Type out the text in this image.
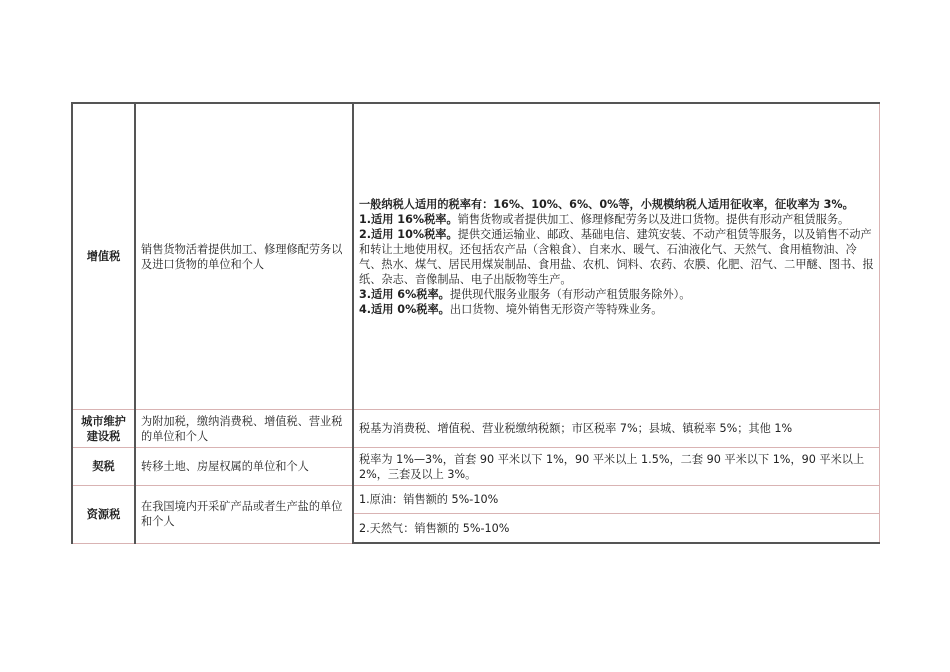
增值税	销售货物活着提供加工、修理修配劳务以及进口货物的单位和个人	一般纳税人适用的税率有：16%、10%、6%、0%等，小规模纳税人适用征收率，征收率为 3%。
1.适用 16%税率。销售货物或者提供加工、修理修配劳务以及进口货物。提供有形动产租赁服务。
2.适用 10%税率。提供交通运输业、邮政、基础电信、建筑安装、不动产租赁等服务，以及销售不动产和转让土地使用权。还包括农产品（含粮食）、自来水、暖气、石油液化气、天然气、食用植物油、冷气、热水、煤气、居民用煤炭制品、食用盐、农机、饲料、农药、农膜、化肥、沼气、二甲醚、图书、报纸、杂志、音像制品、电子出版物等生产。
3.适用 6%税率。提供现代服务业服务（有形动产租赁服务除外）。
4.适用 0%税率。出口货物、境外销售无形资产等特殊业务。

城市维护建设税	为附加税，缴纳消费税、增值税、营业税的单位和个人	税基为消费税、增值税、营业税缴纳税额；市区税率 7%；县城、镇税率 5%；其他 1%
契税	转移土地、房屋权属的单位和个人	税率为 1%—3%，首套 90 平米以下 1%，90 平米以上 1.5%，二套 90 平米以下 1%，90 平米以上 2%，三套及以上 3%。
资源税	在我国境内开采矿产品或者生产盐的单位和个人	1.原油：销售额的 5%-10%
		2.天然气：销售额的 5%-10%
